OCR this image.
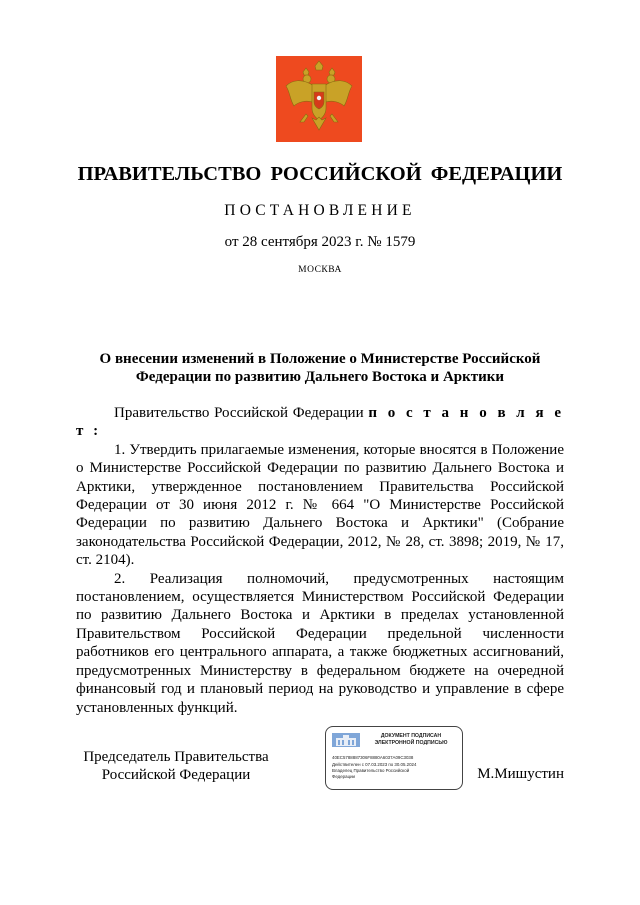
ПРАВИТЕЛЬСТВО РОССИЙСКОЙ ФЕДЕРАЦИИ
ПОСТАНОВЛЕНИЕ
от 28 сентября 2023 г. № 1579
МОСКВА
О внесении изменений в Положение о Министерстве Российской Федерации по развитию Дальнего Востока и Арктики

Правительство Российской Федерации п о с т а н о в л я е т :

1. Утвердить прилагаемые изменения, которые вносятся в Положение о Министерстве Российской Федерации по развитию Дальнего Востока и Арктики, утвержденное постановлением Правительства Российской Федерации от 30 июня 2012 г. № 664 "О Министерстве Российской Федерации по развитию Дальнего Востока и Арктики" (Собрание законодательства Российской Федерации, 2012, № 28, ст. 3898; 2019, № 17, ст. 2104).

2. Реализация полномочий, предусмотренных настоящим постановлением, осуществляется Министерством Российской Федерации по развитию Дальнего Востока и Арктики в пределах установленной Правительством Российской Федерации предельной численности работников его центрального аппарата, а также бюджетных ассигнований, предусмотренных Министерству в федеральном бюджете на очередной финансовый год и плановый период на руководство и управление в сфере установленных функций.

Председатель Правительства
Российской Федерации
ДОКУМЕНТ ПОДПИСАН
ЭЛЕКТРОННОЙ ПОДПИСЬЮ
40EC5788887306F8880A6037A09C3038
Действителен с 07.03.2023 по 30.05.2024
Владелец Правительство Российской
Федерации	М.Мишустин
